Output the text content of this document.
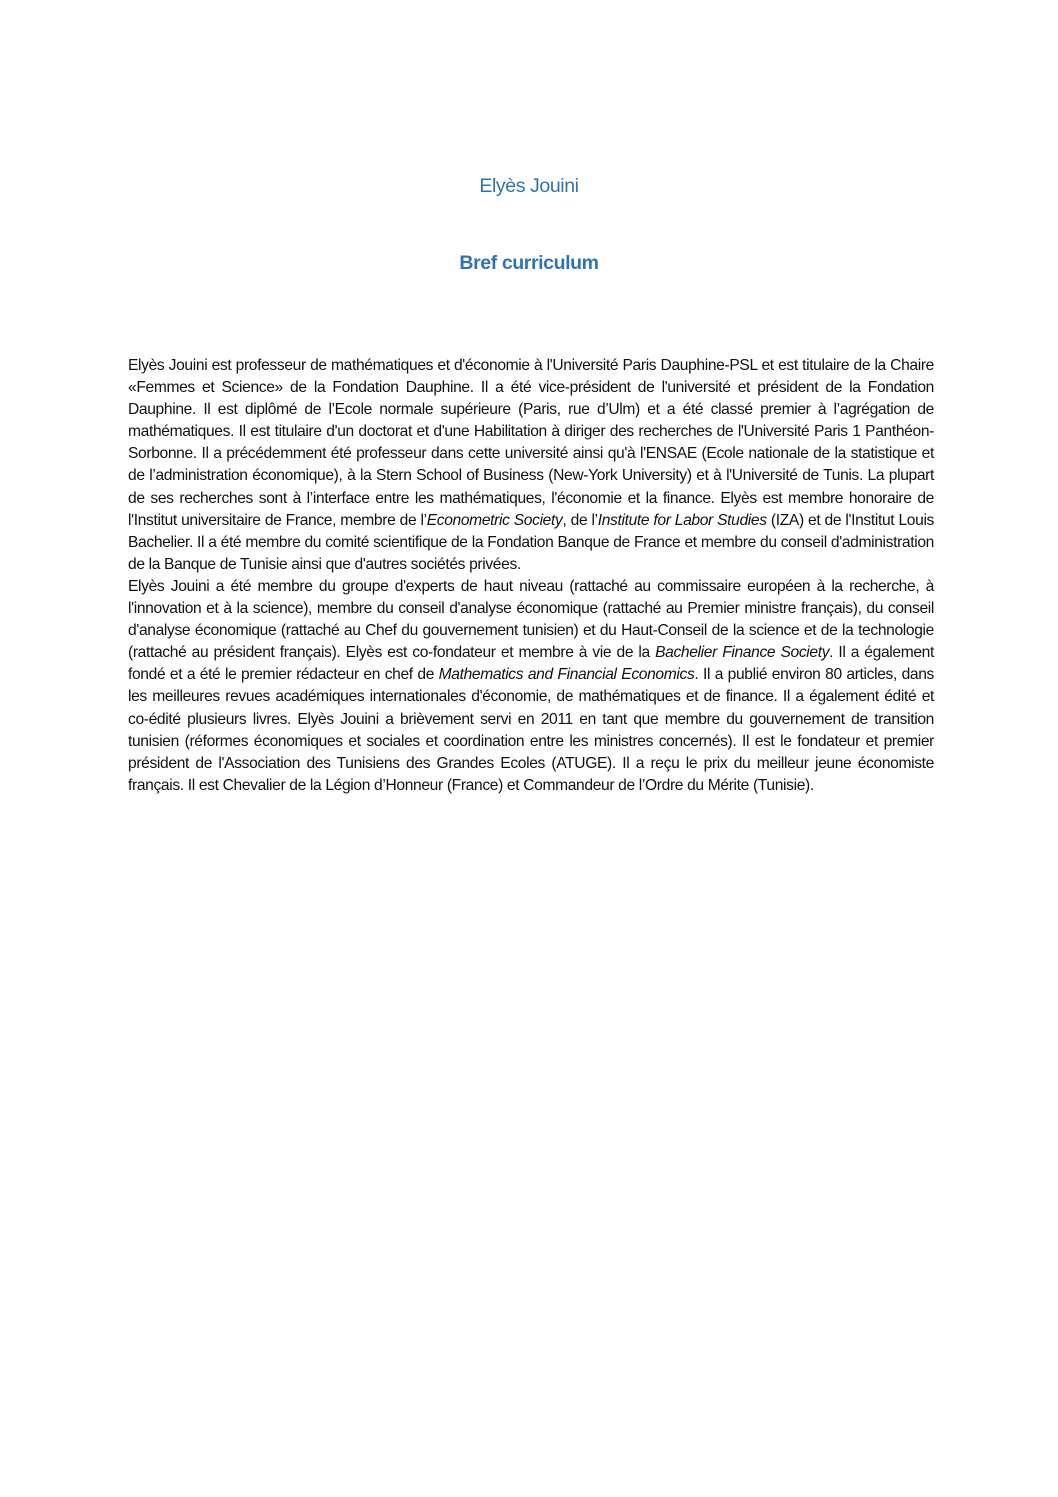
Elyès Jouini
Bref curriculum

Elyès Jouini est professeur de mathématiques et d'économie à l'Université Paris Dauphine-PSL et est titulaire de la Chaire «Femmes et Science» de la Fondation Dauphine. Il a été vice-président de l'université et président de la Fondation Dauphine. Il est diplômé de l’Ecole normale supérieure (Paris, rue d’Ulm) et a été classé premier à l’agrégation de mathématiques. Il est titulaire d'un doctorat et d'une Habilitation à diriger des recherches de l'Université Paris 1 Panthéon-Sorbonne. Il a précédemment été professeur dans cette université ainsi qu'à l'ENSAE (Ecole nationale de la statistique et de l’administration économique), à la Stern School of Business (New-York University) et à l'Université de Tunis. La plupart de ses recherches sont à l’interface entre les mathématiques, l'économie et la finance. Elyès est membre honoraire de l'Institut universitaire de France, membre de l’Econometric Society, de l’Institute for Labor Studies (IZA) et de l'Institut Louis Bachelier. Il a été membre du comité scientifique de la Fondation Banque de France et membre du conseil d'administration de la Banque de Tunisie ainsi que d'autres sociétés privées.

Elyès Jouini a été membre du groupe d'experts de haut niveau (rattaché au commissaire européen à la recherche, à l'innovation et à la science), membre du conseil d'analyse économique (rattaché au Premier ministre français), du conseil d'analyse économique (rattaché au Chef du gouvernement tunisien) et du Haut-Conseil de la science et de la technologie (rattaché au président français). Elyès est co-fondateur et membre à vie de la Bachelier Finance Society. Il a également fondé et a été le premier rédacteur en chef de Mathematics and Financial Economics. Il a publié environ 80 articles, dans les meilleures revues académiques internationales d'économie, de mathématiques et de finance. Il a également édité et co-édité plusieurs livres. Elyès Jouini a brièvement servi en 2011 en tant que membre du gouvernement de transition tunisien (réformes économiques et sociales et coordination entre les ministres concernés). Il est le fondateur et premier président de l'Association des Tunisiens des Grandes Ecoles (ATUGE). Il a reçu le prix du meilleur jeune économiste français. Il est Chevalier de la Légion d’Honneur (France) et Commandeur de l’Ordre du Mérite (Tunisie).
